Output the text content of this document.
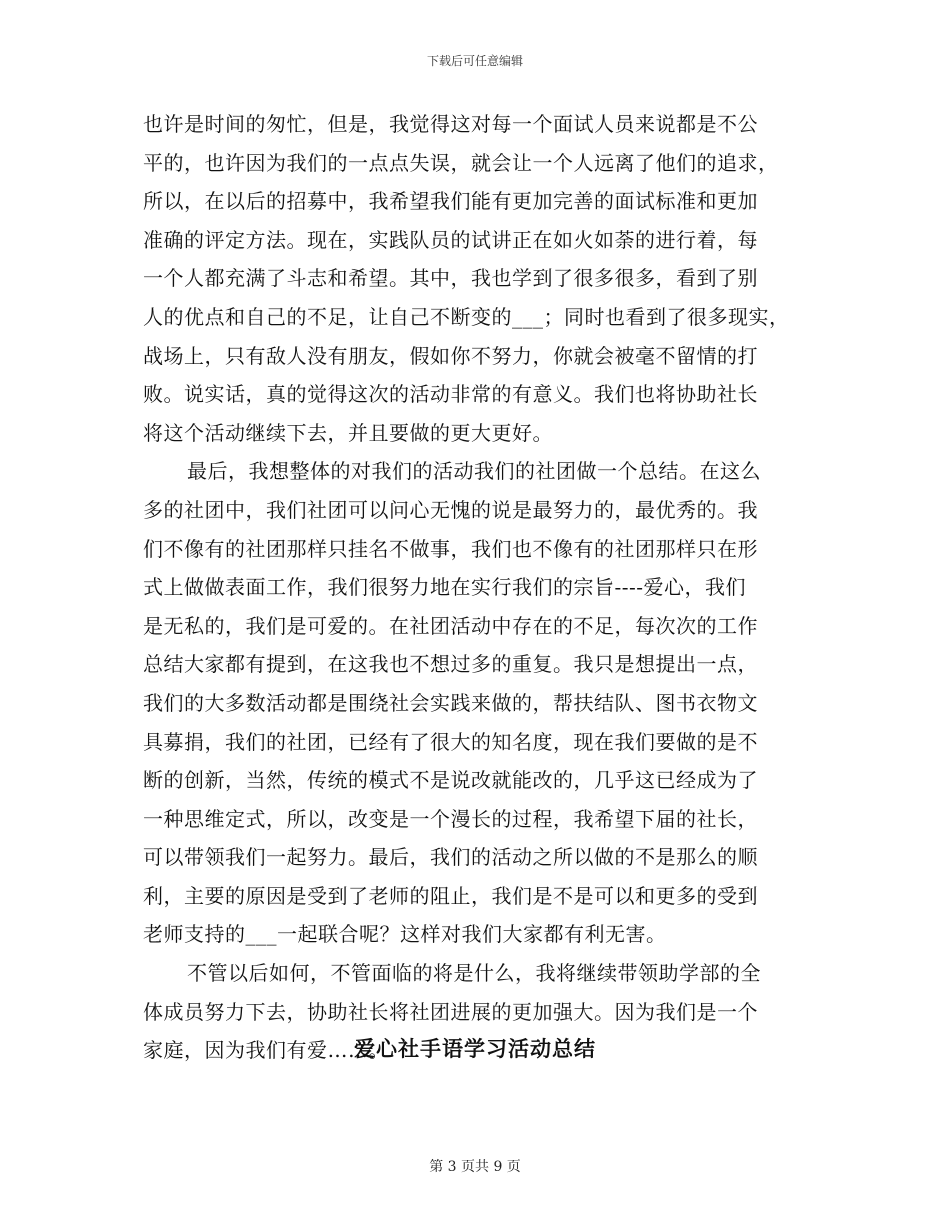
下载后可任意编辑
也许是时间的匆忙，但是，我觉得这对每一个面试人员来说都是不公
平的，也许因为我们的一点点失误，就会让一个人远离了他们的追求，
所以，在以后的招募中，我希望我们能有更加完善的面试标准和更加
准确的评定方法。现在，实践队员的试讲正在如火如荼的进行着，每
一个人都充满了斗志和希望。其中，我也学到了很多很多，看到了别
人的优点和自己的不足，让自己不断变的___；同时也看到了很多现实，
战场上，只有敌人没有朋友，假如你不努力，你就会被毫不留情的打
败。说实话，真的觉得这次的活动非常的有意义。我们也将协助社长
将这个活动继续下去，并且要做的更大更好。
最后，我想整体的对我们的活动我们的社团做一个总结。在这么
多的社团中，我们社团可以问心无愧的说是最努力的，最优秀的。我
们不像有的社团那样只挂名不做事，我们也不像有的社团那样只在形
式上做做表面工作，我们很努力地在实行我们的宗旨----爱心，我们
是无私的，我们是可爱的。在社团活动中存在的不足，每次次的工作
总结大家都有提到，在这我也不想过多的重复。我只是想提出一点，
我们的大多数活动都是围绕社会实践来做的，帮扶结队、图书衣物文
具募捐，我们的社团，已经有了很大的知名度，现在我们要做的是不
断的创新，当然，传统的模式不是说改就能改的，几乎这已经成为了
一种思维定式，所以，改变是一个漫长的过程，我希望下届的社长，
可以带领我们一起努力。最后，我们的活动之所以做的不是那么的顺
利，主要的原因是受到了老师的阻止，我们是不是可以和更多的受到
老师支持的___一起联合呢？这样对我们大家都有利无害。
不管以后如何，不管面临的将是什么，我将继续带领助学部的全
体成员努力下去，协助社长将社团进展的更加强大。因为我们是一个
家庭，因为我们有爱……。
爱心社手语学习活动总结
第 3 页共 9 页
